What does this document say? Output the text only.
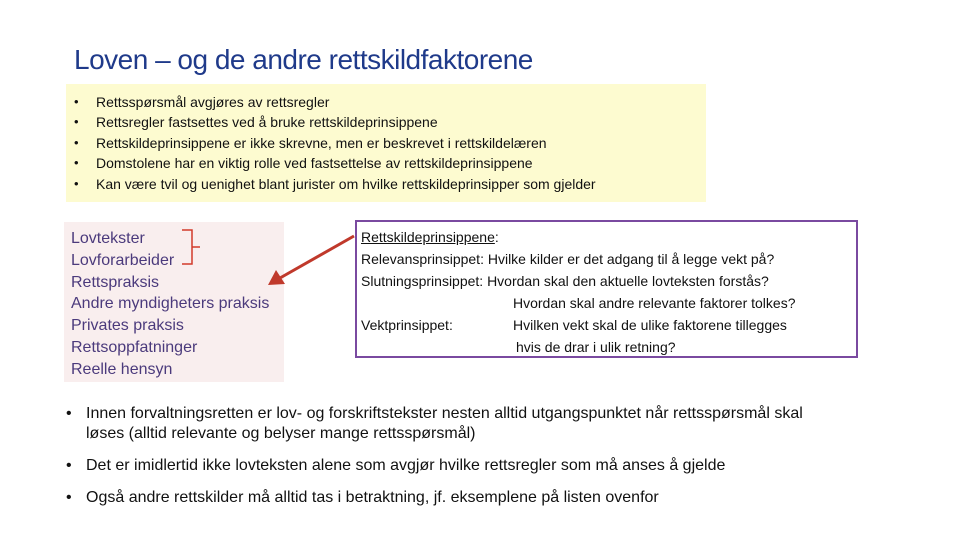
Loven – og de andre rettskildfaktorene
• Rettsspørsmål avgjøres av rettsregler
• Rettsregler fastsettes ved å bruke rettskildeprinsippene
• Rettskildeprinsippene er ikke skrevne, men er beskrevet i rettskildelæren
• Domstolene har en viktig rolle ved fastsettelse av rettskildeprinsippene
• Kan være tvil og uenighet blant jurister om hvilke rettskildeprinsipper som gjelder
Lovtekster
Lovforarbeider
Rettspraksis
Andre myndigheters praksis
Privates praksis
Rettsoppfatninger
Reelle hensyn
Rettskildeprinsippene:
Relevansprinsippet: Hvilke kilder er det adgang til å legge vekt på?
Slutningsprinsippet: Hvordan skal den aktuelle lovteksten forstås?
Hvordan skal andre relevante faktorer tolkes?
Vektprinsippet:	Hvilken vekt skal de ulike faktorene tillegges
hvis de drar i ulik retning?
• Innen forvaltningsretten er lov- og forskriftstekster nesten alltid utgangspunktet når rettsspørsmål skal løses (alltid relevante og belyser mange rettsspørsmål)
• Det er imidlertid ikke lovteksten alene som avgjør hvilke rettsregler som må anses å gjelde
• Også andre rettskilder må alltid tas i betraktning, jf. eksemplene på listen ovenfor
